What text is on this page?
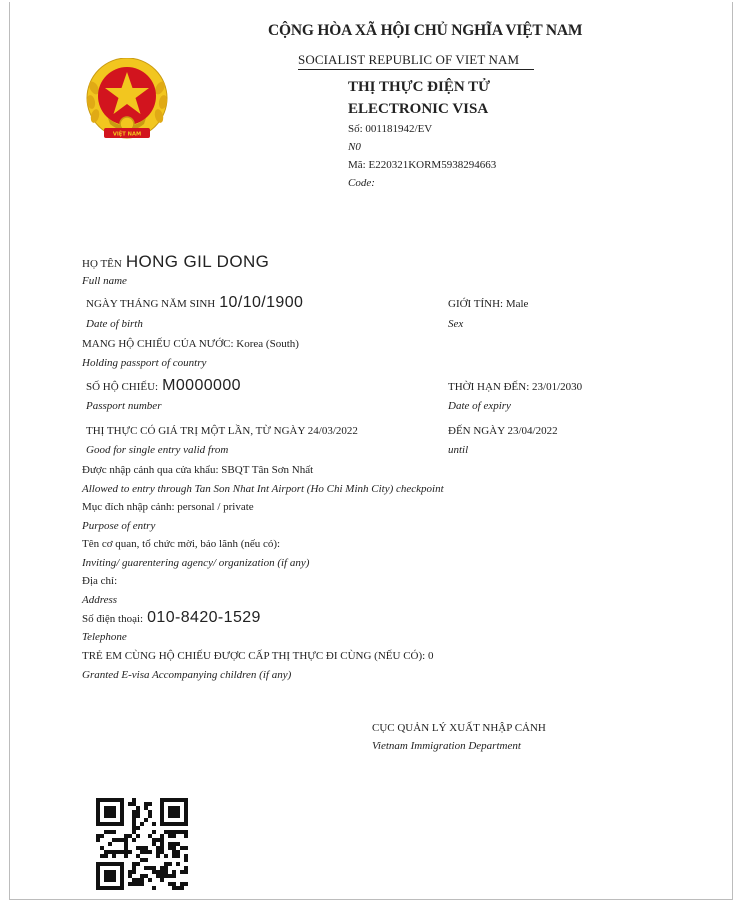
VIỆT NAM
CỘNG HÒA XÃ HỘI CHỦ NGHĨA VIỆT NAM
SOCIALIST REPUBLIC OF VIET NAM
THỊ THỰC ĐIỆN TỬ
ELECTRONIC VISA
Số: 001181942/EV
N0
Mã: E220321KORM5938294663
Code:
HỌ TÊN HONG GIL DONG
Full name
NGÀY THÁNG NĂM SINH 10/10/1900
Date of birth
GIỚI TÍNH: Male
Sex
MANG HỘ CHIẾU CỦA NƯỚC: Korea (South)
Holding passport of country
SỐ HỘ CHIẾU: M0000000
Passport number
THỜI HẠN ĐẾN: 23/01/2030
Date of expiry
THỊ THỰC CÓ GIÁ TRỊ MỘT LẦN, TỪ NGÀY 24/03/2022
Good for single entry valid from
ĐẾN NGÀY 23/04/2022
until
Được nhập cảnh qua cửa khẩu: SBQT Tân Sơn Nhất
Allowed to entry through Tan Son Nhat Int Airport (Ho Chi Minh City) checkpoint
Mục đích nhập cảnh: personal / private
Purpose of entry
Tên cơ quan, tổ chức mời, bảo lãnh (nếu có):
Inviting/ guarentering agency/ organization (if any)
Địa chỉ:
Address
Số điện thoại: 010-8420-1529
Telephone
TRẺ EM CÙNG HỘ CHIẾU ĐƯỢC CẤP THỊ THỰC ĐI CÙNG (NẾU CÓ): 0
Granted E-visa Accompanying children (if any)
CỤC QUẢN LÝ XUẤT NHẬP CẢNH
Vietnam Immigration Department
